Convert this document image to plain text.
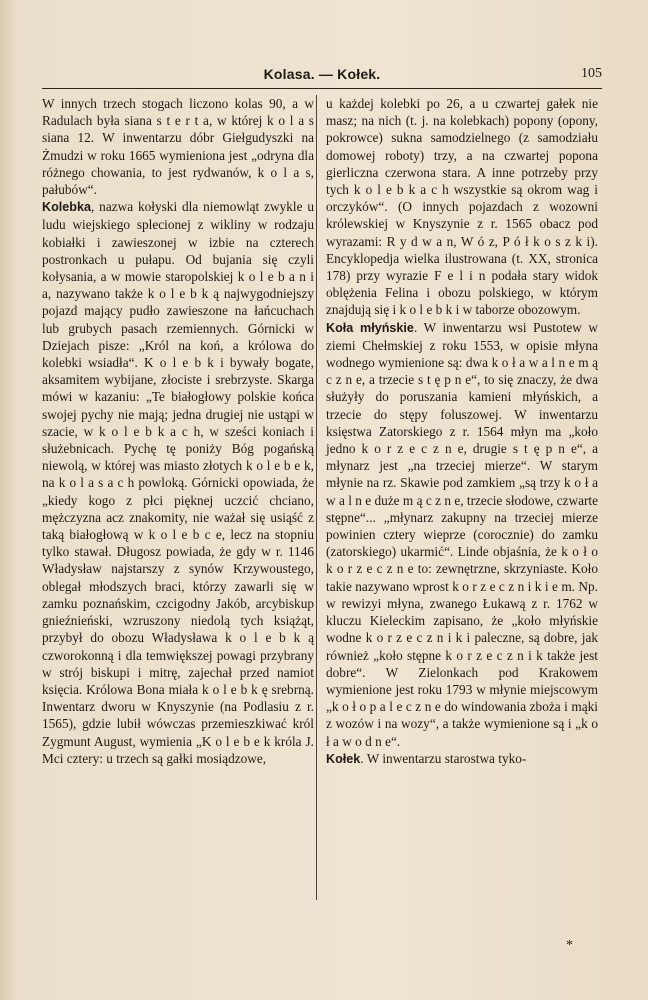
Kolasa. — Kołek.	105

W innych trzech stogach liczono kolas 90, a w Radulach była siana s t e r t a, w której k o l a s siana 12. W inwentarzu dóbr Giełgudyszki na Żmudzi w roku 1665 wymieniona jest „odryna dla różnego chowania, to jest rydwanów, k o l a s, pałubów“.

Kolebka, nazwa kołyski dla niemowląt zwykle u ludu wiejskiego splecionej z wikliny w rodzaju kobiałki i zawieszonej w izbie na czterech postronkach u pułapu. Od bujania się czyli kołysania, a w mowie staropolskiej k o l e b a n i a, nazywano także k o l e b k ą najwygodniejszy pojazd mający pudło zawieszone na łańcuchach lub grubych pasach rzemiennych. Górnicki w Dziejach pisze: „Król na koń, a królowa do kolebki wsiadła“. K o l e b k i bywały bogate, aksamitem wybijane, złociste i srebrzyste. Skarga mówi w kazaniu: „Te białogłowy polskie końca swojej pychy nie mają; jedna drugiej nie ustąpi w szacie, w k o l e b k a c h, w sześci koniach i służebnicach. Pychę tę poniży Bóg pogańską niewolą, w której was miasto złotych k o l e b e k, na k o l a s a c h powloką. Górnicki opowiada, że „kiedy kogo z płci pięknej uczcić chciano, mężczyzna acz znakomity, nie ważał się usiąść z taką białogłową w k o l e b c e, lecz na stopniu tylko stawał. Długosz powiada, że gdy w r. 1146 Władysław najstarszy z synów Krzywoustego, oblegał młodszych braci, którzy zawarli się w zamku poznańskim, czcigodny Jakób, arcybiskup gnieźnieński, wzruszony niedolą tych książąt, przybył do obozu Władysława k o l e b k ą czworokonną i dla temwiększej powagi przybrany w strój biskupi i mitrę, zajechał przed namiot księcia. Królowa Bona miała k o l e b k ę srebrną. Inwentarz dworu w Knyszynie (na Podlasiu z r. 1565), gdzie lubił wówczas przemieszkiwać król Zygmunt August, wymienia „K o l e b e k króla J. Mci cztery: u trzech są gałki mosiądzowe,

u każdej kolebki po 26, a u czwartej gałek nie masz; na nich (t. j. na kolebkach) popony (opony, pokrowce) sukna samodzielnego (z samodziału domowej roboty) trzy, a na czwartej popona gierliczna czerwona stara. A inne potrzeby przy tych k o l e b k a c h wszystkie są okrom wag i orczyków“. (O innych pojazdach z wozowni królewskiej w Knyszynie z r. 1565 obacz pod wyrazami: R y d w a n, W ó z, P ó ł k o s z k i). Encyklopedja wielka ilustrowana (t. XX, stronica 178) przy wyrazie F e l i n podała stary widok oblężenia Felina i obozu polskiego, w którym znajdują się i k o l e b k i w taborze obozowym.

Koła młyńskie. W inwentarzu wsi Pustotew w ziemi Chełmskiej z roku 1553, w opisie młyna wodnego wymienione są: dwa k o ł a w a l n e m ą c z n e, a trzecie s t ę p n e“, to się znaczy, że dwa służyły do poruszania kamieni młyńskich, a trzecie do stępy foluszowej. W inwentarzu księstwa Zatorskiego z r. 1564 młyn ma „koło jedno k o r z e c z n e, drugie s t ę p n e“, a młynarz jest „na trzeciej mierze“. W starym młynie na rz. Skawie pod zamkiem „są trzy k o ł a w a l n e duże m ą c z n e, trzecie słodowe, czwarte stępne“... „młynarz zakupny na trzeciej mierze powinien cztery wieprze (corocznie) do zamku (zatorskiego) ukarmić“. Linde objaśnia, że k o ł o k o r z e c z n e to: zewnętrzne, skrzyniaste. Koło takie nazywano wprost k o r z e c z n i k i e m. Np. w rewizyi młyna, zwanego Łukawą z r. 1762 w kluczu Kieleckim zapisano, że „koło młyńskie wodne k o r z e c z n i k i paleczne, są dobre, jak również „koło stępne k o r z e c z n i k także jest dobre“. W Zielonkach pod Krakowem wymienione jest roku 1793 w młynie miejscowym „k o ł o p a l e c z n e do windowania zboża i mąki z wozów i na wozy“, a także wymienione są i „k o ł a w o d n e“.

Kołek. W inwentarzu starostwa tyko-

*
